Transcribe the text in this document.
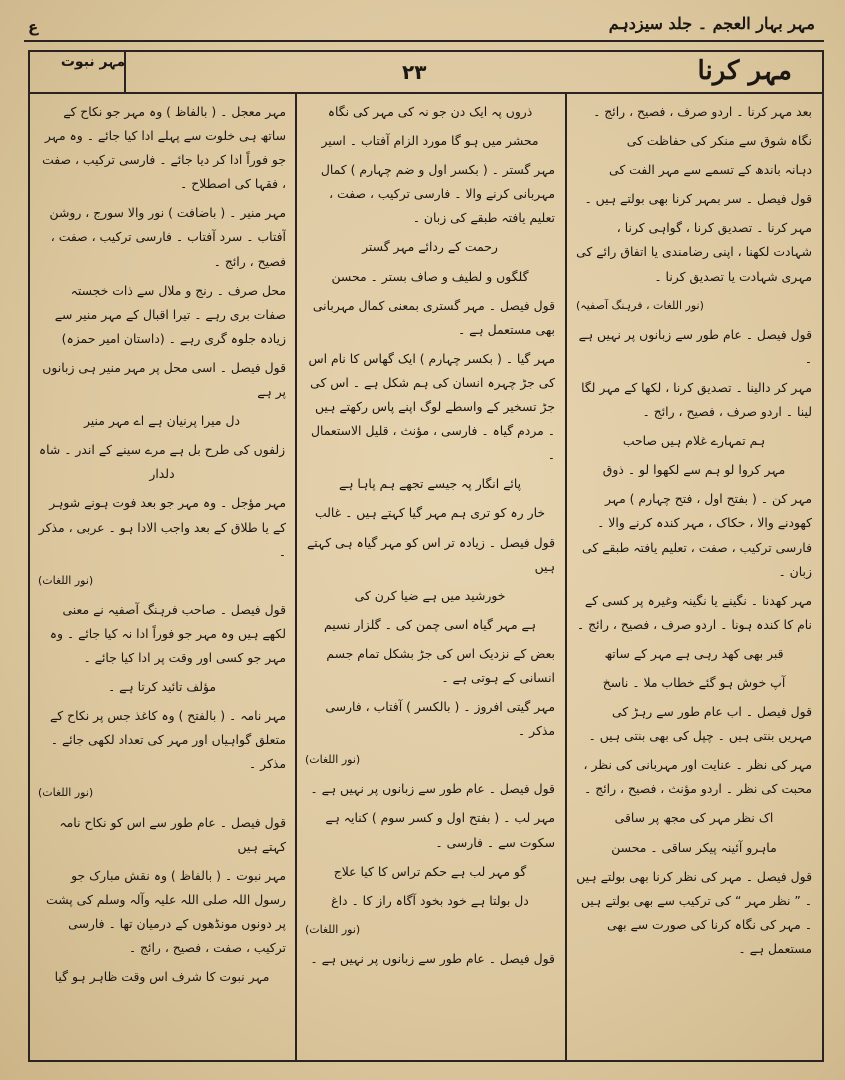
مہر بہار العجم ۔ جلد سیزدہم
ع
مہر کرنا
۲۳
مہر نبوت

بعد مہر کرنا ۔ اردو صرف ، فصیح ، رائج ۔

نگاہ شوق سے منکر کی حفاظت کی

دہانہ باندھ کے تسمے سے مہر الفت کی

قول فیصل ۔ سر بمہر کرنا بھی بولتے ہیں ۔

مہر کرنا ۔ تصدیق کرنا ، گواہی کرنا ، شہادت لکھنا ، اپنی رضامندی یا اتفاق رائے کی مہری شہادت یا تصدیق کرنا ۔

(نور اللغات ، فرہنگ آصفیہ)

قول فیصل ۔ عام طور سے زبانوں پر نہیں ہے ۔

مہر کر دالینا ۔ تصدیق کرنا ، لکھا کے مہر لگا لینا ۔ اردو صرف ، فصیح ، رائج ۔

ہم تمہارے غلام ہیں صاحب

مہر کروا لو ہم سے لکھوا لو ۔ ذوق

مہر کن ۔ ( بفتح اول ، فتح چہارم ) مہر کھودنے والا ، حکاک ، مہر کندہ کرنے والا ۔ فارسی ترکیب ، صفت ، تعلیم یافتہ طبقے کی زبان ۔

مہر کھدنا ۔ نگینے یا نگینہ وغیرہ پر کسی کے نام کا کندہ ہونا ۔ اردو صرف ، فصیح ، رائج ۔

قبر بھی کھد رہی ہے مہر کے ساتھ

آپ خوش ہو گئے خطاب ملا ۔ ناسخ

قول فیصل ۔ اب عام طور سے رہڑ کی مہریں بنتی ہیں ۔ چپل کی بھی بنتی ہیں ۔

مہر کی نظر ۔ عنایت اور مہربانی کی نظر ، محبت کی نظر ۔ اردو مؤنث ، فصیح ، رائج ۔

اک نظر مہر کی مجھ پر ساقی

ماہرو آئینہ پیکر ساقی ۔ محسن

قول فیصل ۔ مہر کی نظر کرنا بھی بولتے ہیں ۔ ” نظر مہر “ کی ترکیب سے بھی بولتے ہیں ۔ مہر کی نگاہ کرنا کی صورت سے بھی مستعمل ہے ۔

ذروں پہ ایک دن جو نہ کی مہر کی نگاہ

محشر میں ہو گا مورد الزام آفتاب ۔ اسیر

مہر گستر ۔ ( بکسر اول و ضم چہارم ) کمال مہربانی کرنے والا ۔ فارسی ترکیب ، صفت ، تعلیم یافتہ طبقے کی زبان ۔

رحمت کے ردائے مہر گستر

گلگوں و لطیف و صاف بستر ۔ محسن

قول فیصل ۔ مہر گستری بمعنی کمال مہربانی بھی مستعمل ہے ۔

مہر گیا ۔ ( بکسر چہارم ) ایک گھاس کا نام اس کی جڑ چہرہ انسان کی ہم شکل ہے ۔ اس کی جڑ تسخیر کے واسطے لوگ اپنے پاس رکھتے ہیں ۔ مردم گیاہ ۔ فارسی ، مؤنث ، قلیل الاستعمال ۔

پائے انگار پہ جیسے تجھے ہم پاہا ہے

خار رہ کو تری ہم مہر گیا کہتے ہیں ۔ غالب

قول فیصل ۔ زیادہ تر اس کو مہر گیاہ ہی کہتے ہیں

خورشید میں ہے ضیا کرن کی

ہے مہر گیاہ اسی چمن کی ۔ گلزار نسیم

بعض کے نزدیک اس کی جڑ بشکل تمام جسم انسانی کے ہوتی ہے ۔

مہر گیتی افروز ۔ ( بالکسر ) آفتاب ، فارسی مذکر ۔

(نور اللغات)

قول فیصل ۔ عام طور سے زبانوں پر نہیں ہے ۔

مہر لب ۔ ( بفتح اول و کسر سوم ) کنایہ ہے سکوت سے ۔ فارسی ۔

گو مہر لب ہے حکم تراس کا کیا علاج

دل بولتا ہے خود بخود آگاہ راز کا ۔ داغ

(نور اللغات)

قول فیصل ۔ عام طور سے زبانوں پر نہیں ہے ۔

مہر معجل ۔ ( بالفاظ ) وہ مہر جو نکاح کے ساتھ ہی خلوت سے پہلے ادا کیا جائے ۔ وہ مہر جو فوراً ادا کر دیا جائے ۔ فارسی ترکیب ، صفت ، فقہا کی اصطلاح ۔

مہر منیر ۔ ( باضافت ) نور والا سورج ، روشن آفتاب ۔ سرد آفتاب ۔ فارسی ترکیب ، صفت ، فصیح ، رائج ۔

محل صرف ۔ رنج و ملال سے ذات خجستہ صفات بری رہے ۔ تیرا اقبال کے مہر منیر سے زیادہ جلوہ گری رہے ۔ (داستان امیر حمزہ)

قول فیصل ۔ اسی محل پر مہر منیر ہی زبانوں پر ہے

دل میرا پرنیان ہے اے مہر منیر

زلفوں کی طرح بل ہے مرے سینے کے اندر ۔ شاہ دلدار

مہر مؤجل ۔ وہ مہر جو بعد فوت ہونے شوہر کے یا طلاق کے بعد واجب الادا ہو ۔ عربی ، مذکر ۔

(نور اللغات)

قول فیصل ۔ صاحب فرہنگ آصفیہ نے معنی لکھے ہیں وہ مہر جو فوراً ادا نہ کیا جائے ۔ وہ مہر جو کسی اور وقت پر ادا کیا جائے ۔

مؤلف تائید کرتا ہے ۔

مہر نامہ ۔ ( بالفتح ) وہ کاغذ جس پر نکاح کے متعلق گواہیاں اور مہر کی تعداد لکھی جائے ۔ مذکر ۔

(نور اللغات)

قول فیصل ۔ عام طور سے اس کو نکاح نامہ کہتے ہیں

مہر نبوت ۔ ( بالفاظ ) وہ نقش مبارک جو رسول اللہ صلی اللہ علیہ وآلہ وسلم کی پشت پر دونوں مونڈھوں کے درمیان تھا ۔ فارسی ترکیب ، صفت ، فصیح ، رائج ۔

مہر نبوت کا شرف اس وقت ظاہر ہو گیا
